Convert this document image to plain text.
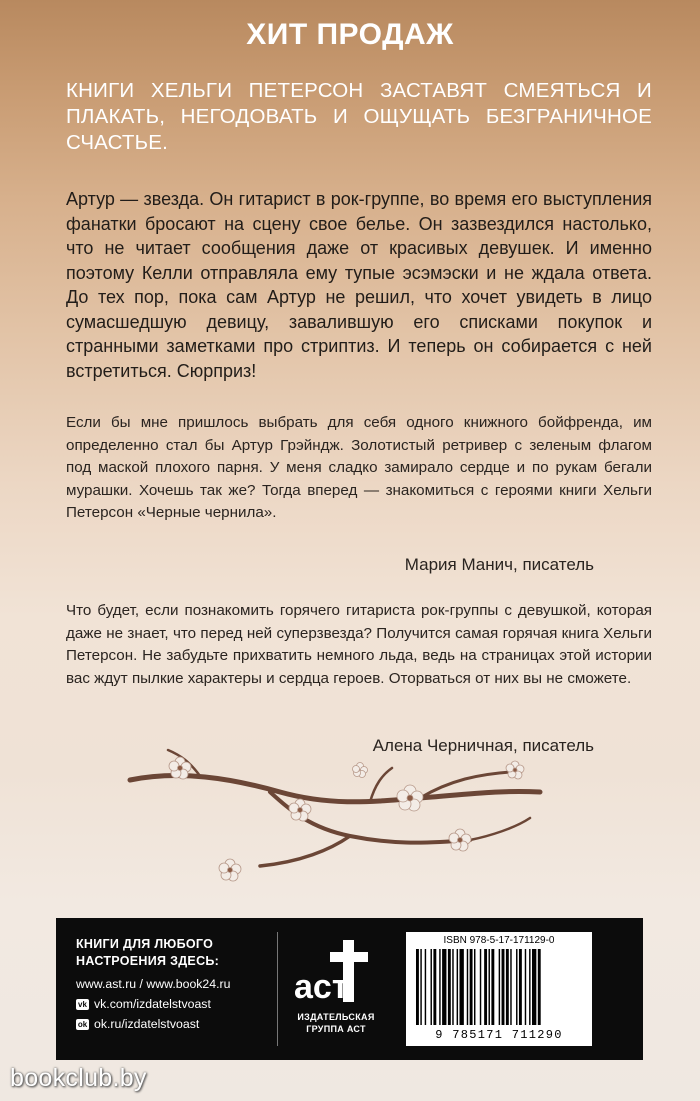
ХИТ ПРОДАЖ
КНИГИ ХЕЛЬГИ ПЕТЕРСОН ЗАСТАВЯТ СМЕЯТЬСЯ И ПЛАКАТЬ, НЕГОДОВАТЬ И ОЩУЩАТЬ БЕЗГРАНИЧНОЕ СЧАСТЬЕ.
Артур — звезда. Он гитарист в рок-группе, во время его выступления фанатки бросают на сцену свое белье. Он зазвездился настолько, что не читает сообщения даже от красивых девушек. И именно поэтому Келли отправляла ему тупые эсэмэски и не ждала ответа. До тех пор, пока сам Артур не решил, что хочет увидеть в лицо сумасшедшую девицу, завалившую его списками покупок и странными заметками про стриптиз. И теперь он собирается с ней встретиться. Сюрприз!
Если бы мне пришлось выбрать для себя одного книжного бойфренда, им определенно стал бы Артур Грэйндж. Золотистый ретривер с зеленым флагом под маской плохого парня. У меня сладко замирало сердце и по рукам бегали мурашки. Хочешь так же? Тогда вперед — знакомиться с героями книги Хельги Петерсон «Черные чернила».
Мария Манич, писатель
Что будет, если познакомить горячего гитариста рок-группы с девушкой, которая даже не знает, что перед ней суперзвезда? Получится самая горячая книга Хельги Петерсон. Не забудьте прихватить немного льда, ведь на страницах этой истории вас ждут пылкие характеры и сердца героев. Оторваться от них вы не сможете.
Алена Черничная, писатель
КНИГИ ДЛЯ ЛЮБОГО
НАСТРОЕНИЯ ЗДЕСЬ:
www.ast.ru / www.book24.ru
vk vk.com/izdatelstvoast
ok ok.ru/izdatelstvoast
аст
ИЗДАТЕЛЬСКАЯ
ГРУППА АСТ
ISBN 978-5-17-171129-0
9 785171 711290
bookclub.by
